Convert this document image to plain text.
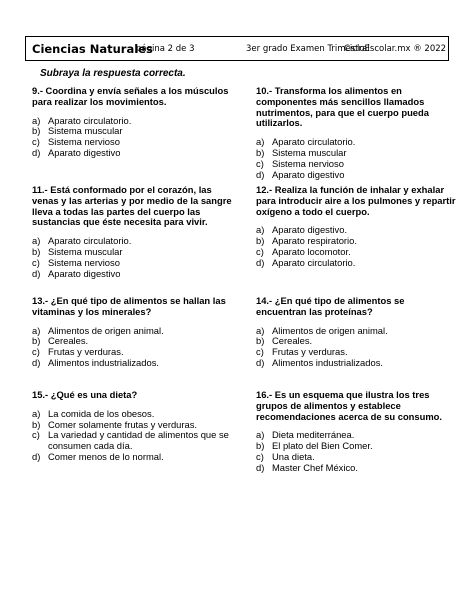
Ciencias Naturales
página 2 de 3	3er grado Examen Trimestral
CicloEscolar.mx ® 2022
Subraya la respuesta correcta.

9.- Coordina y envía señales a los músculos para realizar los movimientos.

a) Aparato circulatorio.
b) Sistema muscular
c) Sistema nervioso
d) Aparato digestivo

10.- Transforma los alimentos en componentes más sencillos llamados nutrimentos, para que el cuerpo pueda utilizarlos.

a) Aparato circulatorio.
b) Sistema muscular
c) Sistema nervioso
d) Aparato digestivo

11.- Está conformado por el corazón, las venas y las arterias y por medio de la sangre lleva a todas las partes del cuerpo las sustancias que éste necesita para vivir.

a) Aparato circulatorio.
b) Sistema muscular
c) Sistema nervioso
d) Aparato digestivo

12.- Realiza la función de inhalar y exhalar para introducir aire a los pulmones y repartir oxígeno a todo el cuerpo.

a) Aparato digestivo.
b) Aparato respiratorio.
c) Aparato locomotor.
d) Aparato circulatorio.

13.- ¿En qué tipo de alimentos se hallan las vitaminas y los minerales?

a) Alimentos de origen animal.
b) Cereales.
c) Frutas y verduras.
d) Alimentos industrializados.

14.- ¿En qué tipo de alimentos se encuentran las proteínas?

a) Alimentos de origen animal.
b) Cereales.
c) Frutas y verduras.
d) Alimentos industrializados.

15.- ¿Qué es una dieta?

a) La comida de los obesos.
b) Comer solamente frutas y verduras.
c) La variedad y cantidad de alimentos que se consumen cada día.
d) Comer menos de lo normal.

16.- Es un esquema que ilustra los tres grupos de alimentos y establece recomendaciones acerca de su consumo.

a) Dieta mediterránea.
b) El plato del Bien Comer.
c) Una dieta.
d) Master Chef México.
